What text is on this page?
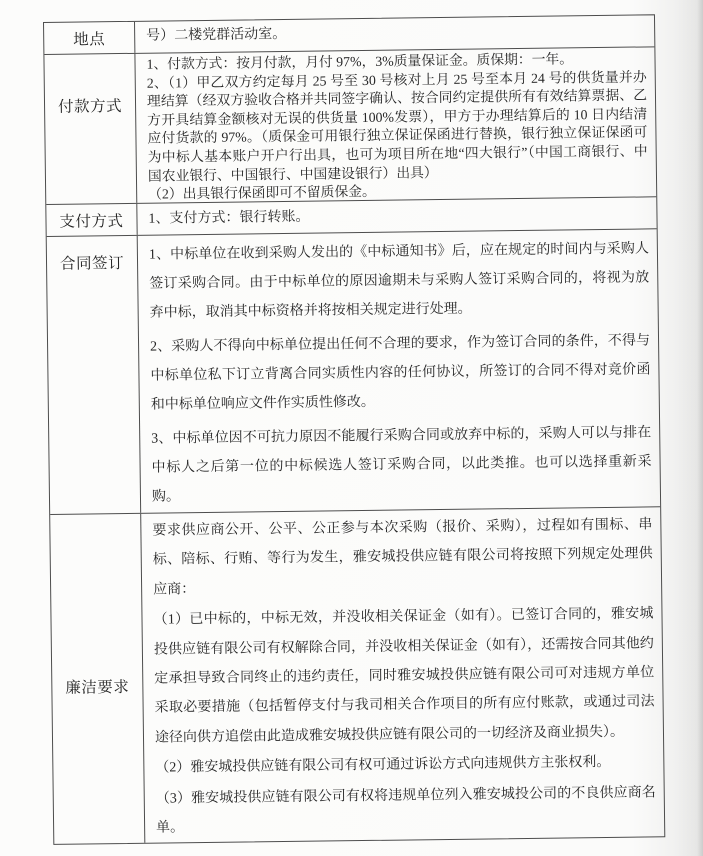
地点	号）二楼党群活动室。

付款方式

1、付款方式：按月付款，月付 97%，3%质量保证金。质保期：一年。

2、（1）甲乙双方约定每月 25 号至 30 号核对上月 25 号至本月 24 号的供货量并办理结算（经双方验收合格并共同签字确认、按合同约定提供所有有效结算票据、乙方开具结算金额核对无误的供货量 100%发票），甲方于办理结算后的 10 日内结清应付货款的 97%。（质保金可用银行独立保证保函进行替换，银行独立保证保函可为中标人基本账户开户行出具，也可为项目所在地“四大银行”（中国工商银行、中国农业银行、中国银行、中国建设银行）出具）

（2）出具银行保函即可不留质保金。

支付方式 1、支付方式：银行转账。

合同签订

1、中标单位在收到采购人发出的《中标通知书》后，应在规定的时间内与采购人签订采购合同。由于中标单位的原因逾期未与采购人签订采购合同的，将视为放弃中标，取消其中标资格并将按相关规定进行处理。

2、采购人不得向中标单位提出任何不合理的要求，作为签订合同的条件，不得与中标单位私下订立背离合同实质性内容的任何协议，所签订的合同不得对竞价函和中标单位响应文件作实质性修改。

3、中标单位因不可抗力原因不能履行采购合同或放弃中标的，采购人可以与排在中标人之后第一位的中标候选人签订采购合同，以此类推。也可以选择重新采购。

廉洁要求

要求供应商公开、公平、公正参与本次采购（报价、采购），过程如有围标、串标、陪标、行贿、等行为发生，雅安城投供应链有限公司将按照下列规定处理供应商：

（1）已中标的，中标无效，并没收相关保证金（如有）。已签订合同的，雅安城投供应链有限公司有权解除合同，并没收相关保证金（如有），还需按合同其他约定承担导致合同终止的违约责任，同时雅安城投供应链有限公司可对违规方单位采取必要措施（包括暂停支付与我司相关合作项目的所有应付账款，或通过司法途径向供方追偿由此造成雅安城投供应链有限公司的一切经济及商业损失）。

（2）雅安城投供应链有限公司有权可通过诉讼方式向违规供方主张权利。

（3）雅安城投供应链有限公司有权将违规单位列入雅安城投公司的不良供应商名单。
